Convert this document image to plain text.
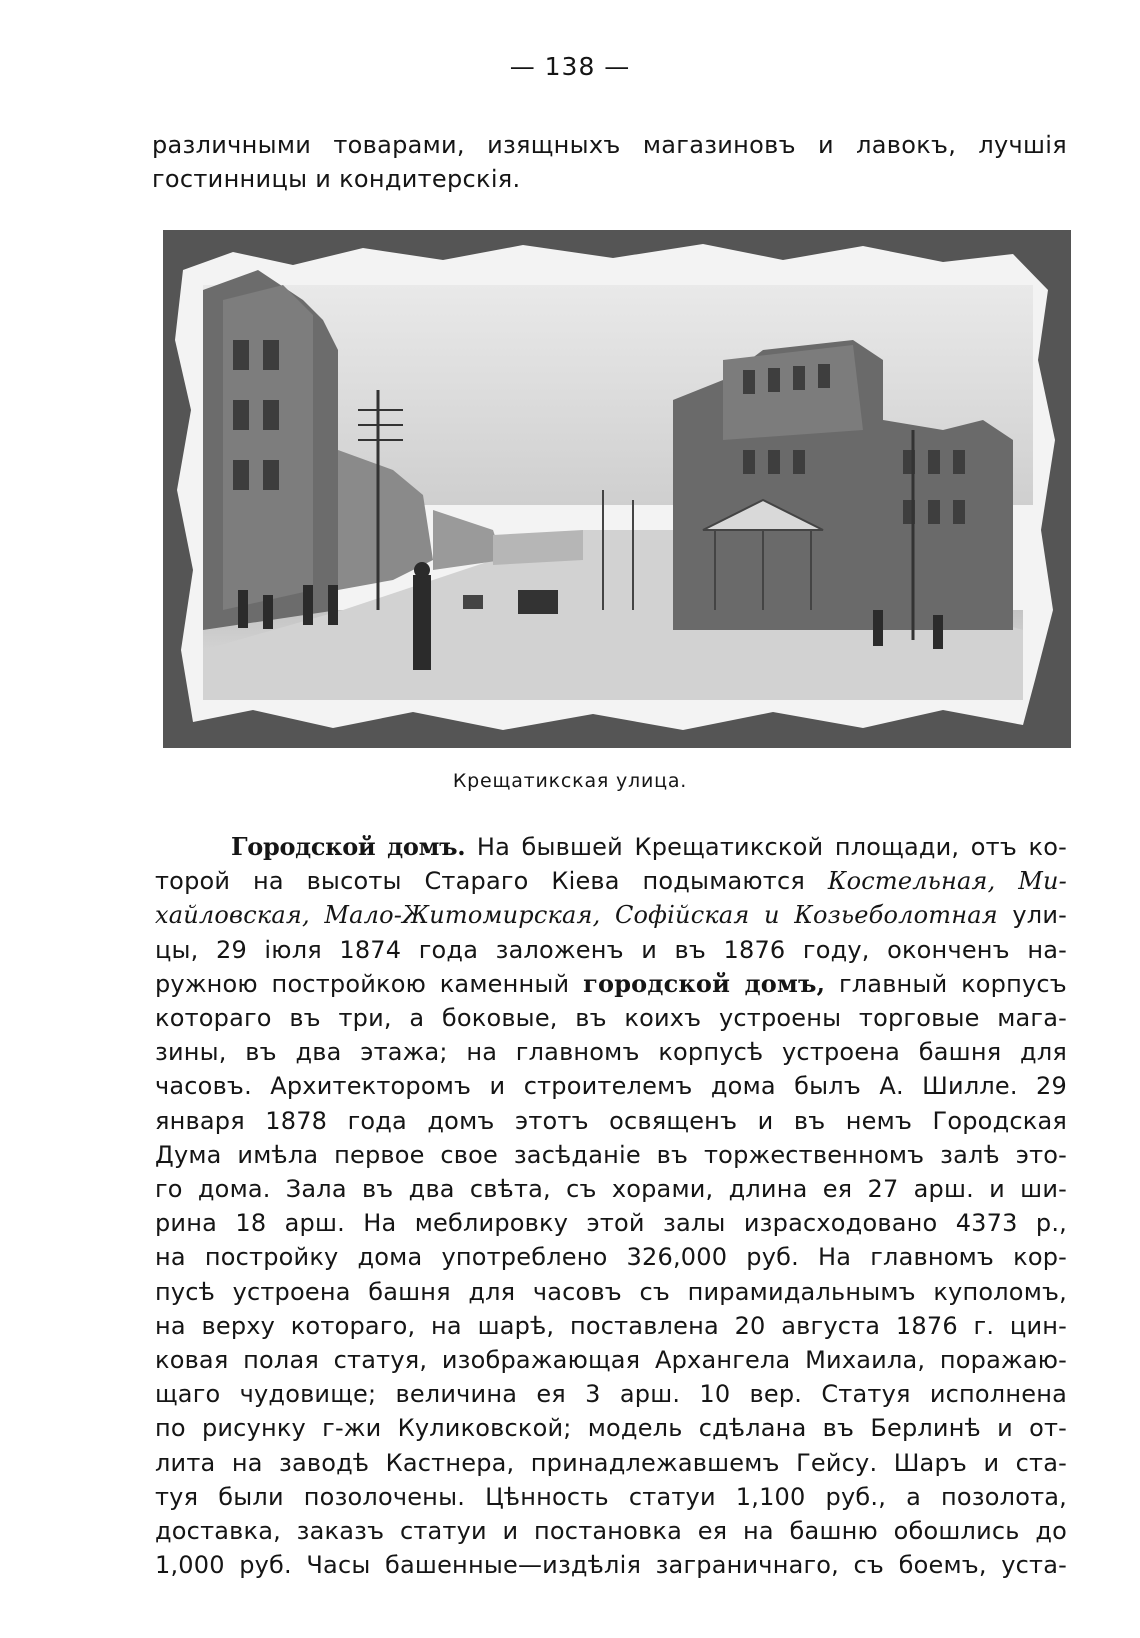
— 138 —
различными товарами, изящныхъ магазиновъ и лавокъ, лучшія
гостинницы и кондитерскія.
Крещатикская улица.
Городской домъ. На бывшей Крещатикской площади, отъ ко-
торой на высоты Стараго Кіева подымаются Костельная, Ми-
хайловская, Мало-Житомирская, Софійская и Козьеболотная ули-
цы, 29 іюля 1874 года заложенъ и въ 1876 году, оконченъ на-
ружною постройкою каменный городской домъ, главный корпусъ
котораго въ три, а боковые, въ коихъ устроены торговые мага-
зины, въ два этажа; на главномъ корпусѣ устроена башня для
часовъ. Архитекторомъ и строителемъ дома былъ А. Шилле. 29
января 1878 года домъ этотъ освященъ и въ немъ Городская
Дума имѣла первое свое засѣданіе въ торжественномъ залѣ это-
го дома. Зала въ два свѣта, съ хорами, длина ея 27 арш. и ши-
рина 18 арш. На меблировку этой залы израсходовано 4373 р.,
на постройку дома употреблено 326,000 руб. На главномъ кор-
пусѣ устроена башня для часовъ съ пирамидальнымъ куполомъ,
на верху котораго, на шарѣ, поставлена 20 августа 1876 г. цин-
ковая полая статуя, изображающая Архангела Михаила, поражаю-
щаго чудовище; величина ея 3 арш. 10 вер. Статуя исполнена
по рисунку г-жи Куликовской; модель сдѣлана въ Берлинѣ и от-
лита на заводѣ Кастнера, принадлежавшемъ Гейсу. Шаръ и ста-
туя были позолочены. Цѣнность статуи 1,100 руб., а позолота,
доставка, заказъ статуи и постановка ея на башню обошлись до
1,000 руб. Часы башенные—издѣлія заграничнаго, съ боемъ, уста-
